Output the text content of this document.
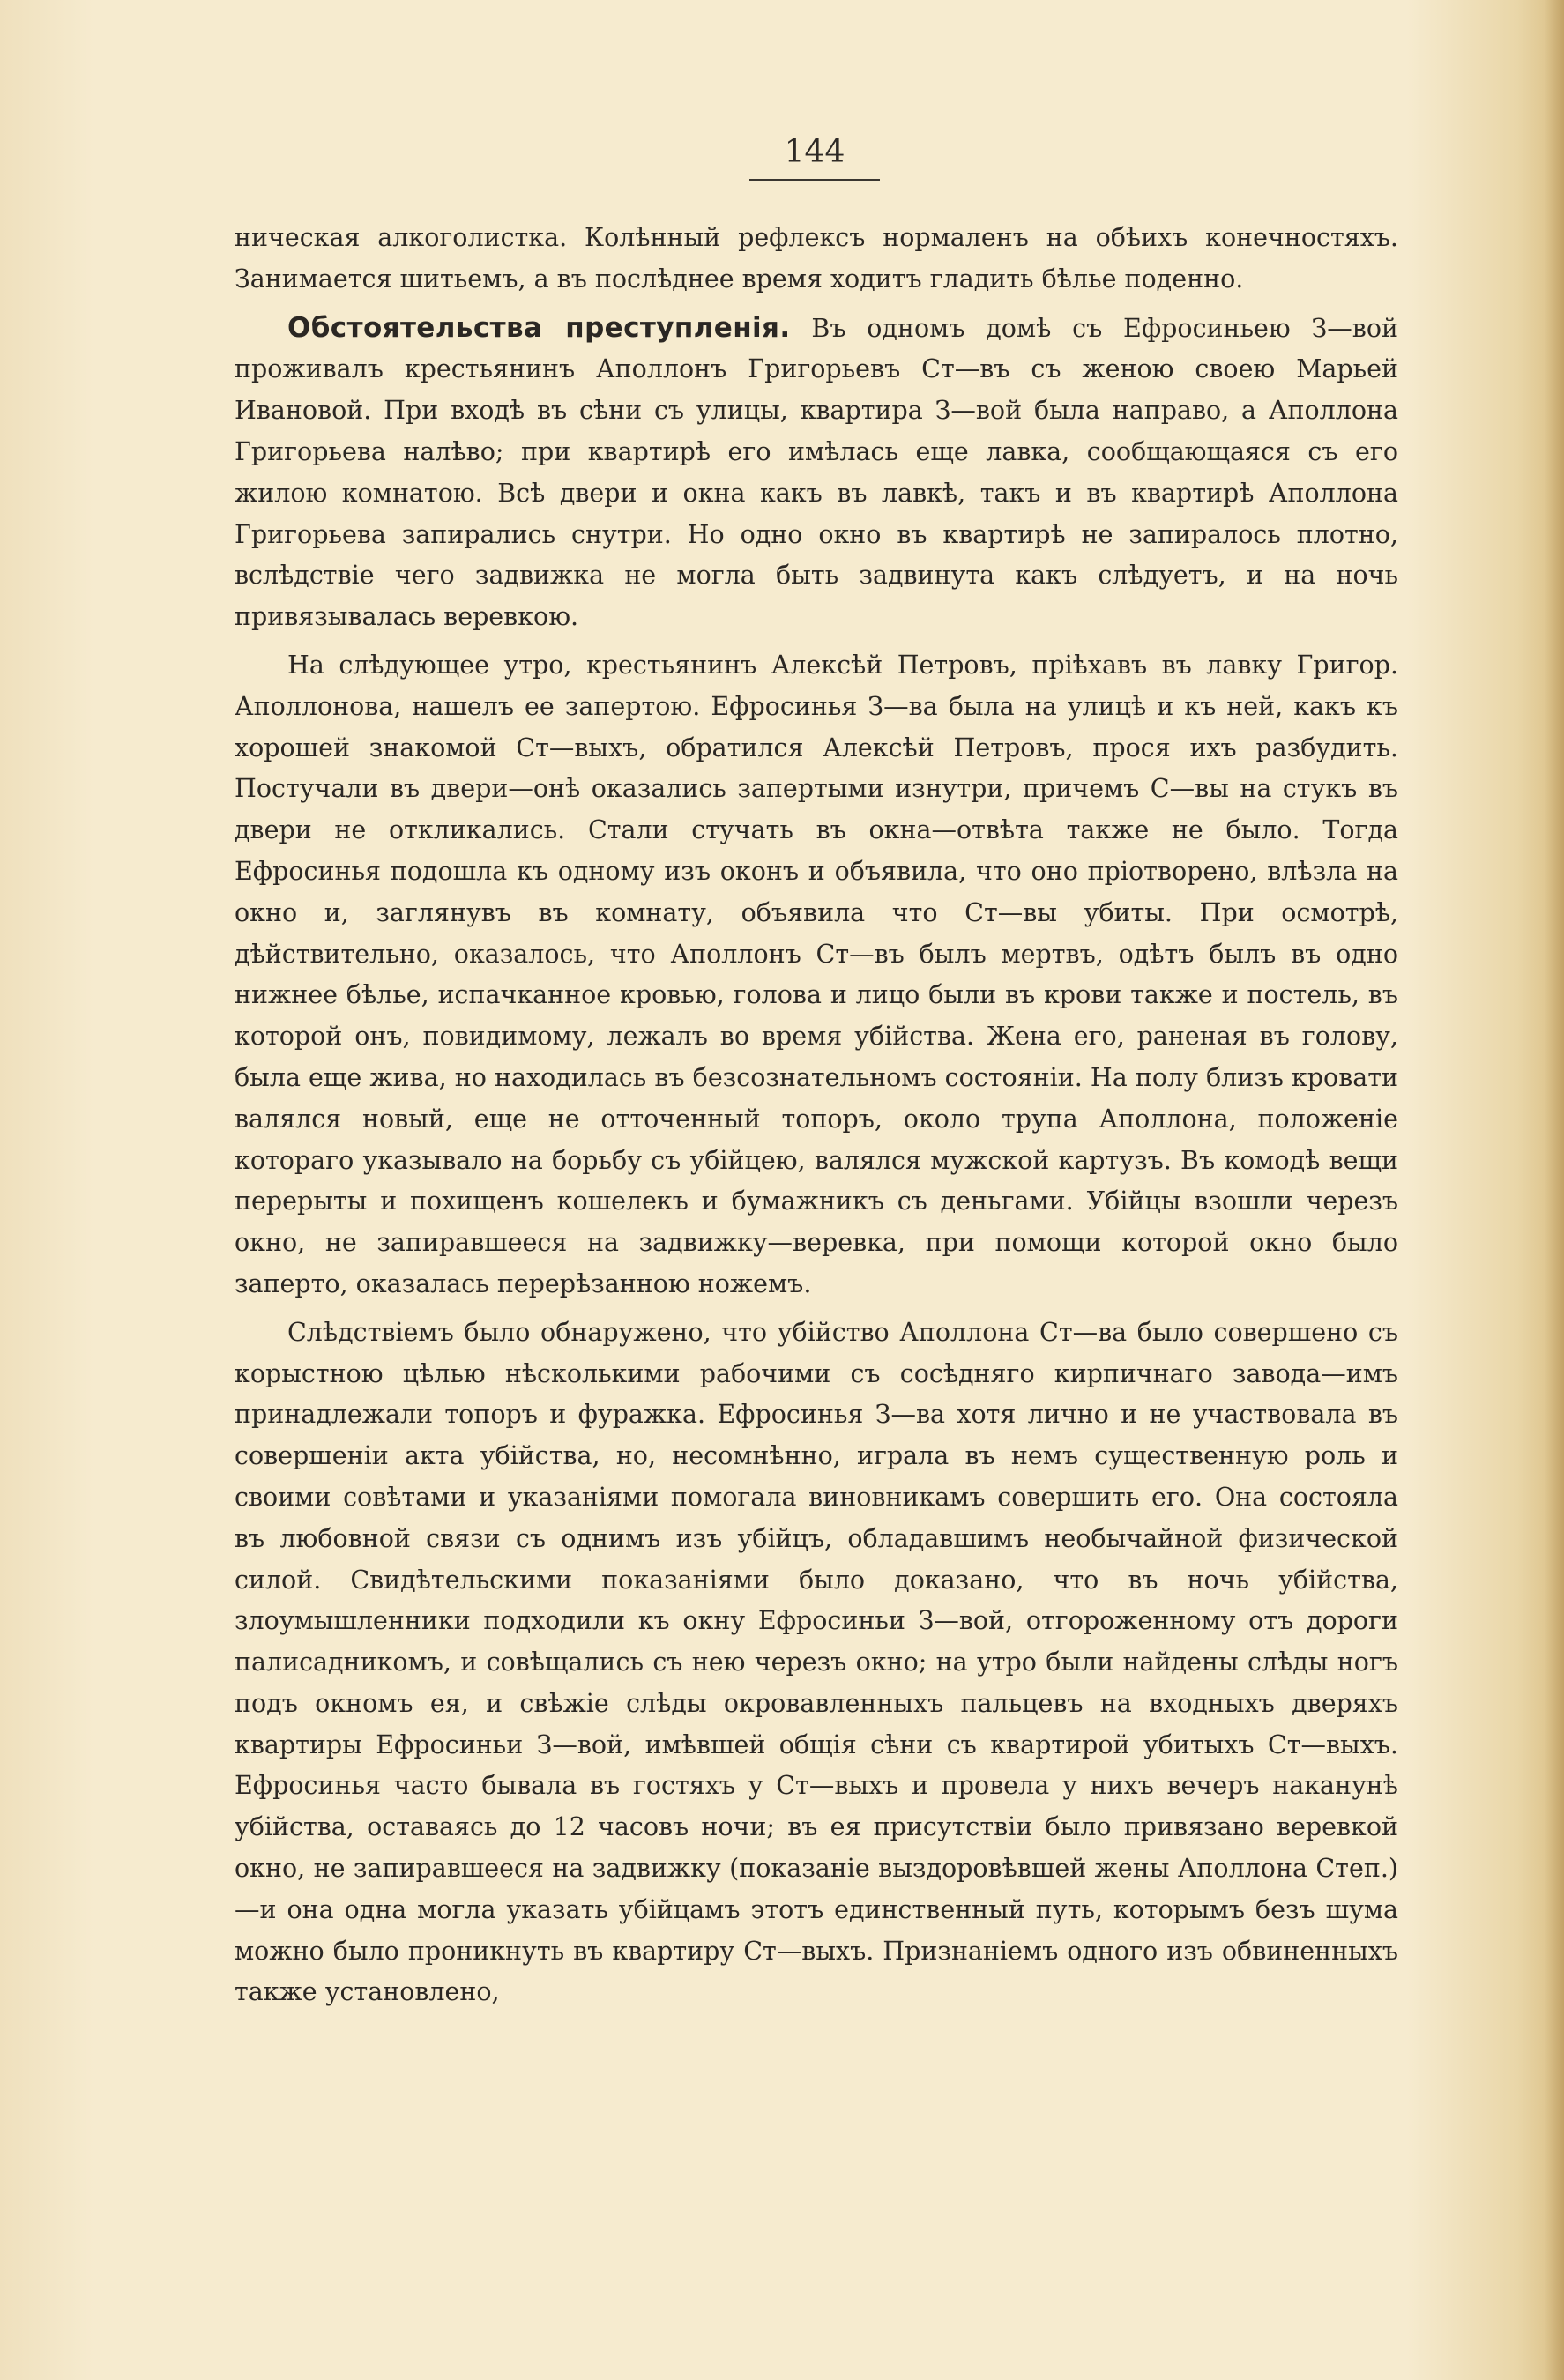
144

ническая алкоголистка. Колѣнный рефлексъ нормаленъ на обѣихъ конечностяхъ. Занимается шитьемъ, а въ послѣднее время ходитъ гладить бѣлье поденно.

Обстоятельства преступленія. Въ одномъ домѣ съ Ефросиньею З—вой проживалъ крестьянинъ Аполлонъ Григорьевъ Ст—въ съ женою своею Марьей Ивановой. При входѣ въ сѣни съ улицы, квартира З—вой была направо, а Аполлона Григорьева налѣво; при квартирѣ его имѣлась еще лавка, сообщающаяся съ его жилою комнатою. Всѣ двери и окна какъ въ лавкѣ, такъ и въ квартирѣ Аполлона Григорьева запирались снутри. Но одно окно въ квартирѣ не запиралось плотно, вслѣдствіе чего задвижка не могла быть задвинута какъ слѣдуетъ, и на ночь привязывалась веревкою.

На слѣдующее утро, крестьянинъ Алексѣй Петровъ, пріѣхавъ въ лавку Григор. Аполлонова, нашелъ ее запертою. Ефросинья З—ва была на улицѣ и къ ней, какъ къ хорошей знакомой Ст—выхъ, обратился Алексѣй Петровъ, прося ихъ разбудить. Постучали въ двери—онѣ оказались запертыми изнутри, причемъ С—вы на стукъ въ двери не откликались. Стали стучать въ окна—отвѣта также не было. Тогда Ефросинья подошла къ одному изъ оконъ и объявила, что оно пріотворено, влѣзла на окно и, заглянувъ въ комнату, объявила что Ст—вы убиты. При осмотрѣ, дѣйствительно, оказалось, что Аполлонъ Ст—въ былъ мертвъ, одѣтъ былъ въ одно нижнее бѣлье, испачканное кровью, голова и лицо были въ крови также и постель, въ которой онъ, повидимому, лежалъ во время убійства. Жена его, раненая въ голову, была еще жива, но находилась въ безсознательномъ состояніи. На полу близъ кровати валялся новый, еще не отточенный топоръ, около трупа Аполлона, положеніе котораго указывало на борьбу съ убійцею, валялся мужской картузъ. Въ комодѣ вещи перерыты и похищенъ кошелекъ и бумажникъ съ деньгами. Убійцы взошли черезъ окно, не запиравшееся на задвижку—веревка, при помощи которой окно было заперто, оказалась перерѣзанною ножемъ.

Слѣдствіемъ было обнаружено, что убійство Аполлона Ст—ва было совершено съ корыстною цѣлью нѣсколькими рабочими съ сосѣдняго кирпичнаго завода—имъ принадлежали топоръ и фуражка. Ефросинья З—ва хотя лично и не участвовала въ совершеніи акта убійства, но, несомнѣнно, играла въ немъ существенную роль и своими совѣтами и указаніями помогала виновникамъ совершить его. Она состояла въ любовной связи съ однимъ изъ убійцъ, обладавшимъ необычайной физической силой. Свидѣтельскими показаніями было доказано, что въ ночь убійства, злоумышленники подходили къ окну Ефросиньи З—вой, отгороженному отъ дороги палисадникомъ, и совѣщались съ нею черезъ окно; на утро были найдены слѣды ногъ подъ окномъ ея, и свѣжіе слѣды окровавленныхъ пальцевъ на входныхъ дверяхъ квартиры Ефросиньи З—вой, имѣвшей общія сѣни съ квартирой убитыхъ Ст—выхъ. Ефросинья часто бывала въ гостяхъ у Ст—выхъ и провела у нихъ вечеръ наканунѣ убійства, оставаясь до 12 часовъ ночи; въ ея присутствіи было привязано веревкой окно, не запиравшееся на задвижку (показаніе выздоровѣвшей жены Аполлона Степ.)—и она одна могла указать убійцамъ этотъ единственный путь, которымъ безъ шума можно было проникнуть въ квартиру Ст—выхъ. Признаніемъ одного изъ обвиненныхъ также установлено,
